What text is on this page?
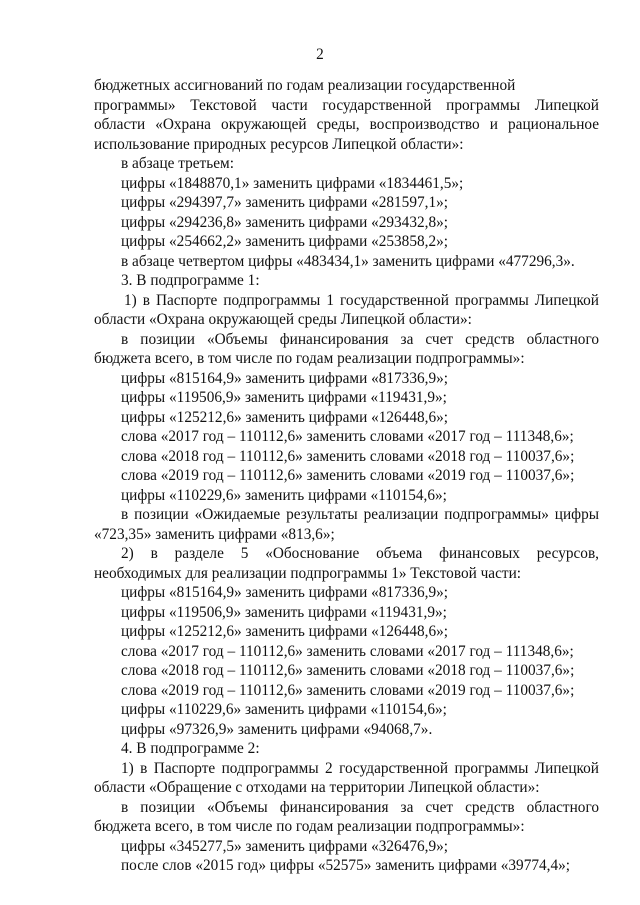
2
бюджетных ассигнований по годам реализации государственной
программы» Текстовой части государственной программы Липецкой
области «Охрана окружающей среды, воспроизводство и рациональное
использование природных ресурсов Липецкой области»:
в абзаце третьем:
цифры «1848870,1» заменить цифрами «1834461,5»;
цифры «294397,7» заменить цифрами «281597,1»;
цифры «294236,8» заменить цифрами «293432,8»;
цифры «254662,2» заменить цифрами «253858,2»;
в абзаце четвертом цифры «483434,1» заменить цифрами «477296,3».
3. В подпрограмме 1:
1) в Паспорте подпрограммы 1 государственной программы Липецкой
области «Охрана окружающей среды Липецкой области»:
в позиции «Объемы финансирования за счет средств областного
бюджета всего, в том числе по годам реализации подпрограммы»:
цифры «815164,9» заменить цифрами «817336,9»;
цифры «119506,9» заменить цифрами «119431,9»;
цифры «125212,6» заменить цифрами «126448,6»;
слова «2017 год – 110112,6» заменить словами «2017 год – 111348,6»;
слова «2018 год – 110112,6» заменить словами «2018 год – 110037,6»;
слова «2019 год – 110112,6» заменить словами «2019 год – 110037,6»;
цифры «110229,6» заменить цифрами «110154,6»;
в позиции «Ожидаемые результаты реализации подпрограммы» цифры
«723,35» заменить цифрами «813,6»;
2) в разделе 5 «Обоснование объема финансовых ресурсов,
необходимых для реализации подпрограммы 1» Текстовой части:
цифры «815164,9» заменить цифрами «817336,9»;
цифры «119506,9» заменить цифрами «119431,9»;
цифры «125212,6» заменить цифрами «126448,6»;
слова «2017 год – 110112,6» заменить словами «2017 год – 111348,6»;
слова «2018 год – 110112,6» заменить словами «2018 год – 110037,6»;
слова «2019 год – 110112,6» заменить словами «2019 год – 110037,6»;
цифры «110229,6» заменить цифрами «110154,6»;
цифры «97326,9» заменить цифрами «94068,7».
4. В подпрограмме 2:
1) в Паспорте подпрограммы 2 государственной программы Липецкой
области «Обращение с отходами на территории Липецкой области»:
в позиции «Объемы финансирования за счет средств областного
бюджета всего, в том числе по годам реализации подпрограммы»:
цифры «345277,5» заменить цифрами «326476,9»;
после слов «2015 год» цифры «52575» заменить цифрами «39774,4»;
